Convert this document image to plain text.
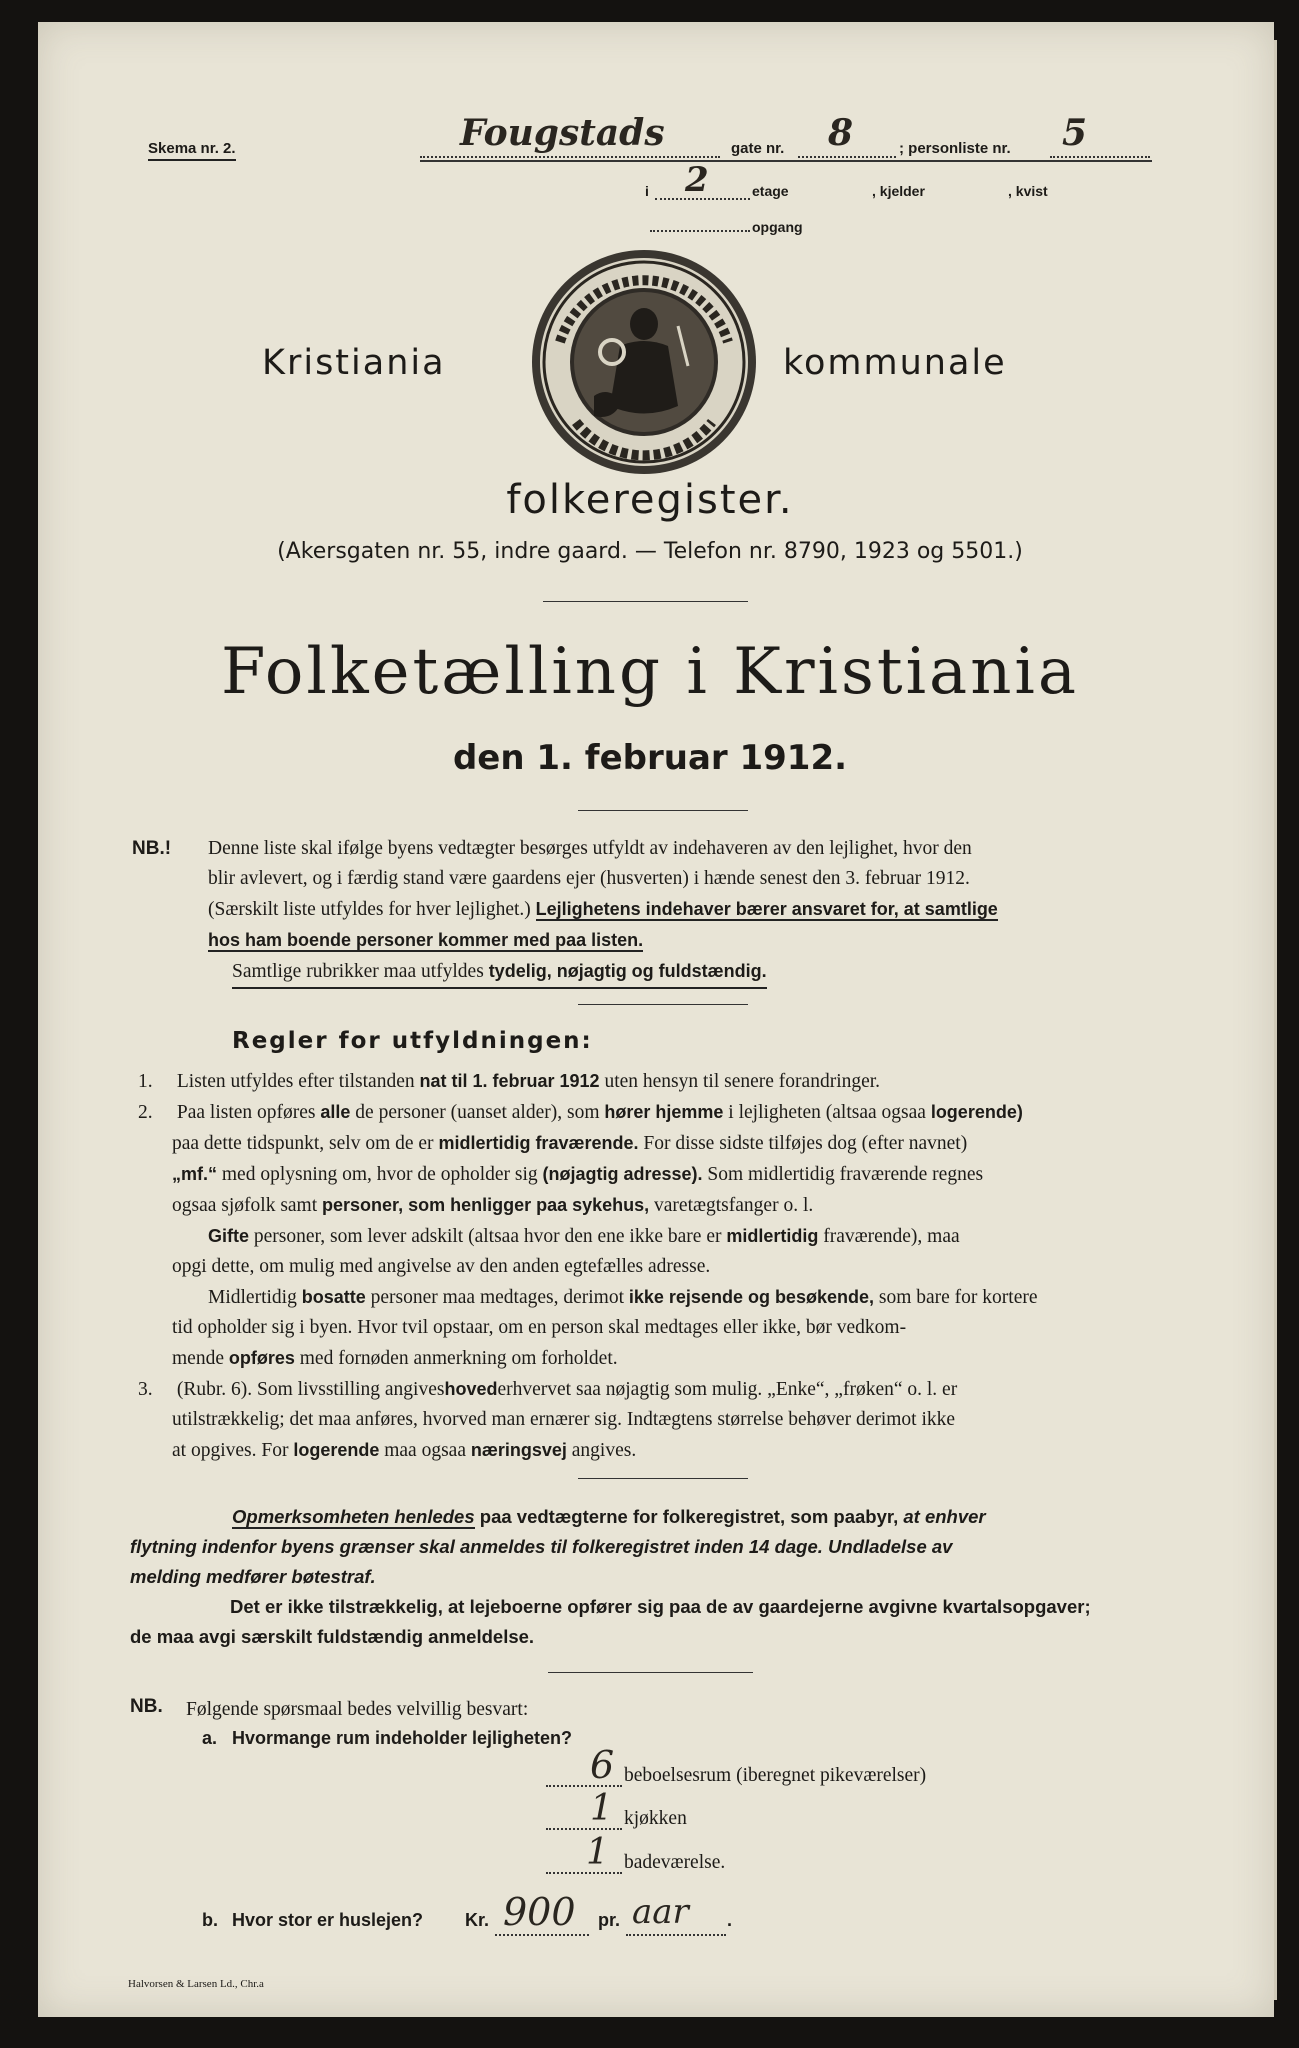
Skema nr. 2.	Fougstads	gate nr. 8	; personliste nr. 5
i 2	etage	, kjelder	, kvist
opgang
Kristiania	kommunale
folkeregister.
(Akersgaten nr. 55, indre gaard. — Telefon nr. 8790, 1923 og 5501.)
Folketælling i Kristiania
den 1. februar 1912.
NB.! Denne liste skal ifølge byens vedtægter besørges utfyldt av indehaveren av den lejlighet, hvor den
blir avlevert, og i færdig stand være gaardens ejer (husverten) i hænde senest den 3. februar 1912.
(Særskilt liste utfyldes for hver lejlighet.) Lejlighetens indehaver bærer ansvaret for, at samtlige
hos ham boende personer kommer med paa listen.
Samtlige rubrikker maa utfyldes tydelig, nøjagtig og fuldstændig.
Regler for utfyldningen:
1. Listen utfyldes efter tilstanden nat til 1. februar 1912 uten hensyn til senere forandringer.
2. Paa listen opføres alle de personer (uanset alder), som hører hjemme i lejligheten (altsaa ogsaa logerende)
paa dette tidspunkt, selv om de er midlertidig fraværende. For disse sidste tilføjes dog (efter navnet)
„mf.“ med oplysning om, hvor de opholder sig (nøjagtig adresse). Som midlertidig fraværende regnes
ogsaa sjøfolk samt personer, som henligger paa sykehus, varetægtsfanger o. l.
Gifte personer, som lever adskilt (altsaa hvor den ene ikke bare er midlertidig fraværende), maa
opgi dette, om mulig med angivelse av den anden egtefælles adresse.
Midlertidig bosatte personer maa medtages, derimot ikke rejsende og besøkende, som bare for kortere
tid opholder sig i byen. Hvor tvil opstaar, om en person skal medtages eller ikke, bør vedkom-
mende opføres med fornøden anmerkning om forholdet.
3. (Rubr. 6). Som livsstilling angiveshovederhvervet saa nøjagtig som mulig. „Enke“, „frøken“ o. l. er
utilstrækkelig; det maa anføres, hvorved man ernærer sig. Indtægtens størrelse behøver derimot ikke
at opgives. For logerende maa ogsaa næringsvej angives.
Opmerksomheten henledes paa vedtægterne for folkeregistret, som paabyr, at enhver
flytning indenfor byens grænser skal anmeldes til folkeregistret inden 14 dage. Undladelse av
melding medfører bøtestraf.
Det er ikke tilstrækkelig, at lejeboerne opfører sig paa de av gaardejerne avgivne kvartalsopgaver;
de maa avgi særskilt fuldstændig anmeldelse.
NB. Følgende spørsmaal bedes velvillig besvart:
a. Hvormange rum indeholder lejligheten?
6 beboelsesrum (iberegnet pikeværelser)
1 kjøkken
1 badeværelse.
b. Hvor stor er huslejen? Kr. 900 pr. aar .
Halvorsen & Larsen Ld., Chr.a
